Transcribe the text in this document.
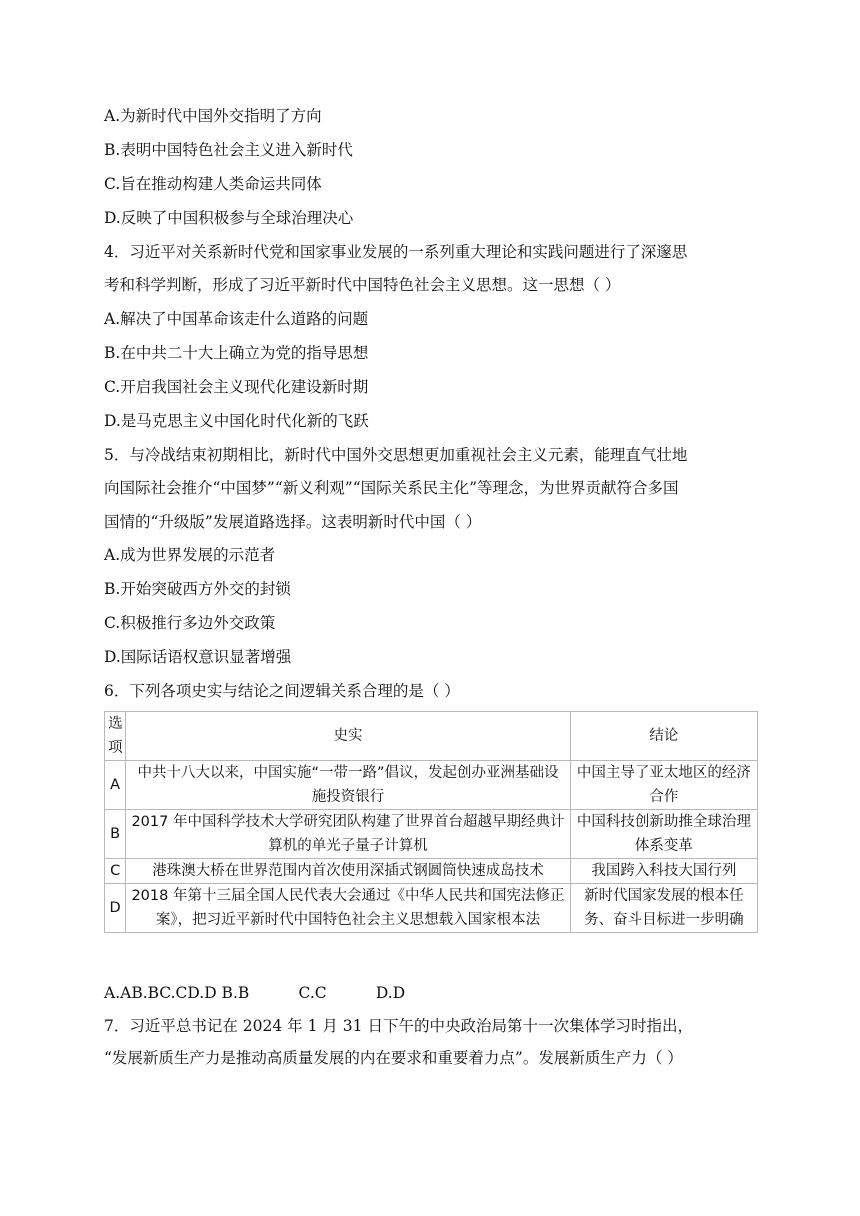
A.为新时代中国外交指明了方向
B.表明中国特色社会主义进入新时代
C.旨在推动构建人类命运共同体
D.反映了中国积极参与全球治理决心
4．习近平对关系新时代党和国家事业发展的一系列重大理论和实践问题进行了深邃思
考和科学判断，形成了习近平新时代中国特色社会主义思想。这一思想（ ）
A.解决了中国革命该走什么道路的问题
B.在中共二十大上确立为党的指导思想
C.开启我国社会主义现代化建设新时期
D.是马克思主义中国化时代化新的飞跃
5．与冷战结束初期相比，新时代中国外交思想更加重视社会主义元素，能理直气壮地
向国际社会推介“中国梦”“新义利观”“国际关系民主化”等理念，为世界贡献符合多国
国情的“升级版”发展道路选择。这表明新时代中国（ ）
A.成为世界发展的示范者
B.开始突破西方外交的封锁
C.积极推行多边外交政策
D.国际话语权意识显著增强
6．下列各项史实与结论之间逻辑关系合理的是（ ）
选项	史实	结论
A	中共十八大以来，中国实施“一带一路”倡议，发起创办亚洲基础设施投资银行	中国主导了亚太地区的经济合作
B	2017 年中国科学技术大学研究团队构建了世界首台超越早期经典计算机的单光子量子计算机	中国科技创新助推全球治理体系变革
C	港珠澳大桥在世界范围内首次使用深插式钢圆筒快速成岛技术	我国跨入科技大国行列
D	2018 年第十三届全国人民代表大会通过《中华人民共和国宪法修正案》，把习近平新时代中国特色社会主义思想载入国家根本法	新时代国家发展的根本任务、奋斗目标进一步明确
A.AB.BC.CD.D B.B          C.C          D.D
7．习近平总书记在 2024 年 1 月 31 日下午的中央政治局第十一次集体学习时指出，
“发展新质生产力是推动高质量发展的内在要求和重要着力点”。发展新质生产力（ ）
